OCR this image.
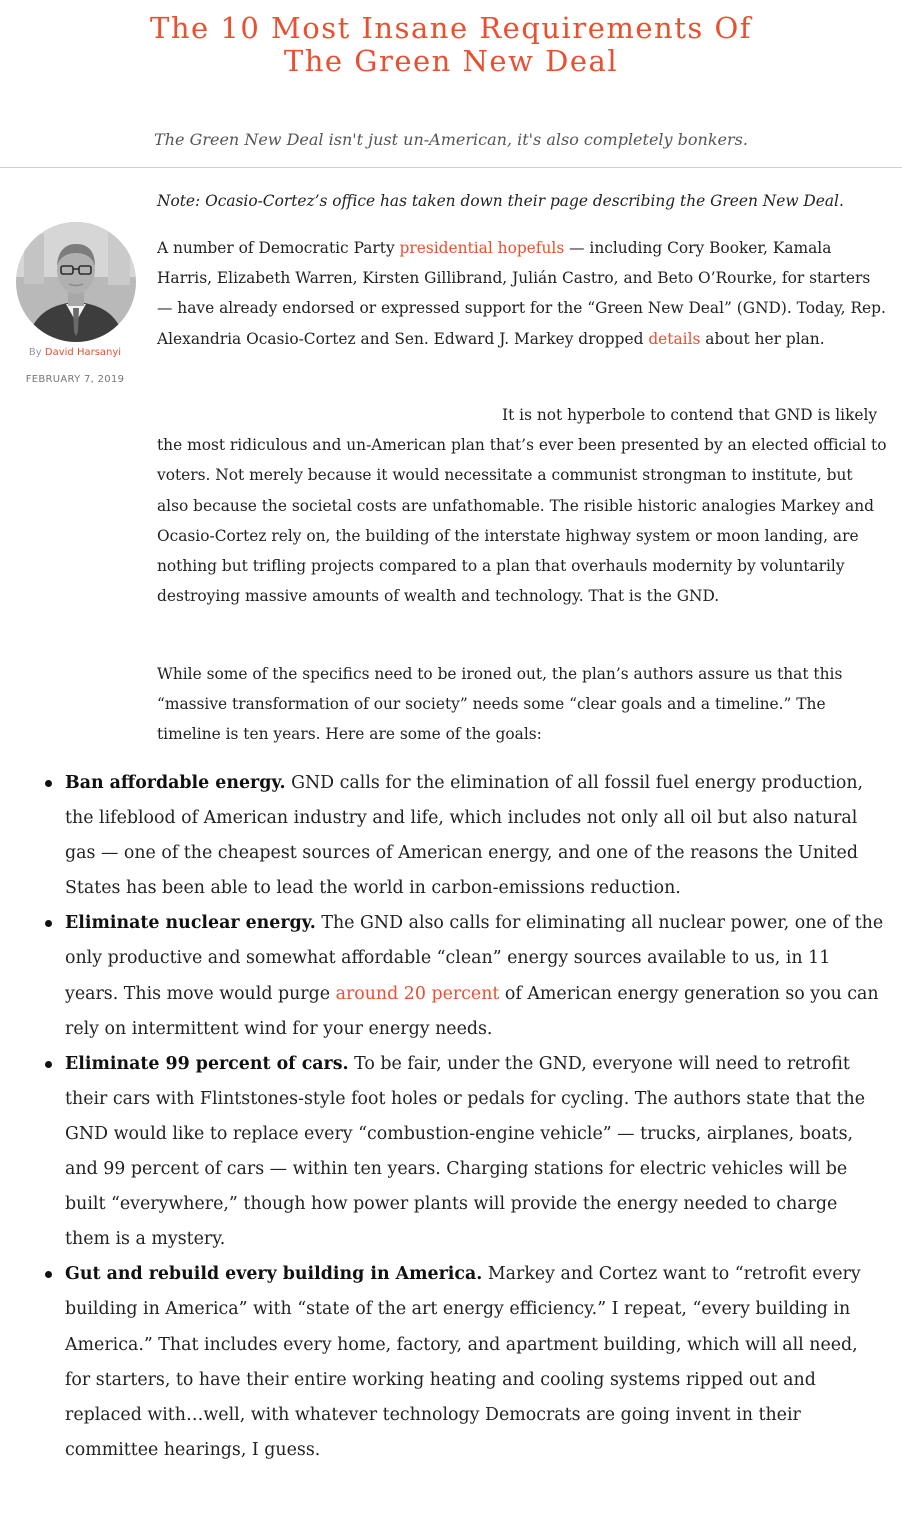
The 10 Most Insane Requirements Of The Green New Deal
The Green New Deal isn't just un-American, it's also completely bonkers.
By David Harsanyi
FEBRUARY 7, 2019

Note: Ocasio-Cortez’s office has taken down their page describing the Green New Deal.

A number of Democratic Party presidential hopefuls — including Cory Booker, Kamala Harris, Elizabeth Warren, Kirsten Gillibrand, Julián Castro, and Beto O’Rourke, for starters — have already endorsed or expressed support for the “Green New Deal” (GND). Today, Rep. Alexandria Ocasio-Cortez and Sen. Edward J. Markey dropped details about her plan.

It is not hyperbole to contend that GND is likely the most ridiculous and un-American plan that’s ever been presented by an elected official to voters. Not merely because it would necessitate a communist strongman to institute, but also because the societal costs are unfathomable. The risible historic analogies Markey and Ocasio-Cortez rely on, the building of the interstate highway system or moon landing, are nothing but trifling projects compared to a plan that overhauls modernity by voluntarily destroying massive amounts of wealth and technology. That is the GND.

While some of the specifics need to be ironed out, the plan’s authors assure us that this “massive transformation of our society” needs some “clear goals and a timeline.” The timeline is ten years. Here are some of the goals:

Ban affordable energy. GND calls for the elimination of all fossil fuel energy production, the lifeblood of American industry and life, which includes not only all oil but also natural gas — one of the cheapest sources of American energy, and one of the reasons the United States has been able to lead the world in carbon-emissions reduction.
Eliminate nuclear energy. The GND also calls for eliminating all nuclear power, one of the only productive and somewhat affordable “clean” energy sources available to us, in 11 years. This move would purge around 20 percent of American energy generation so you can rely on intermittent wind for your energy needs.
Eliminate 99 percent of cars. To be fair, under the GND, everyone will need to retrofit their cars with Flintstones-style foot holes or pedals for cycling. The authors state that the GND would like to replace every “combustion-engine vehicle” — trucks, airplanes, boats, and 99 percent of cars — within ten years. Charging stations for electric vehicles will be built “everywhere,” though how power plants will provide the energy needed to charge them is a mystery.
Gut and rebuild every building in America. Markey and Cortez want to “retrofit every building in America” with “state of the art energy efficiency.” I repeat, “every building in America.” That includes every home, factory, and apartment building, which will all need, for starters, to have their entire working heating and cooling systems ripped out and replaced with…well, with whatever technology Democrats are going invent in their committee hearings, I guess.
